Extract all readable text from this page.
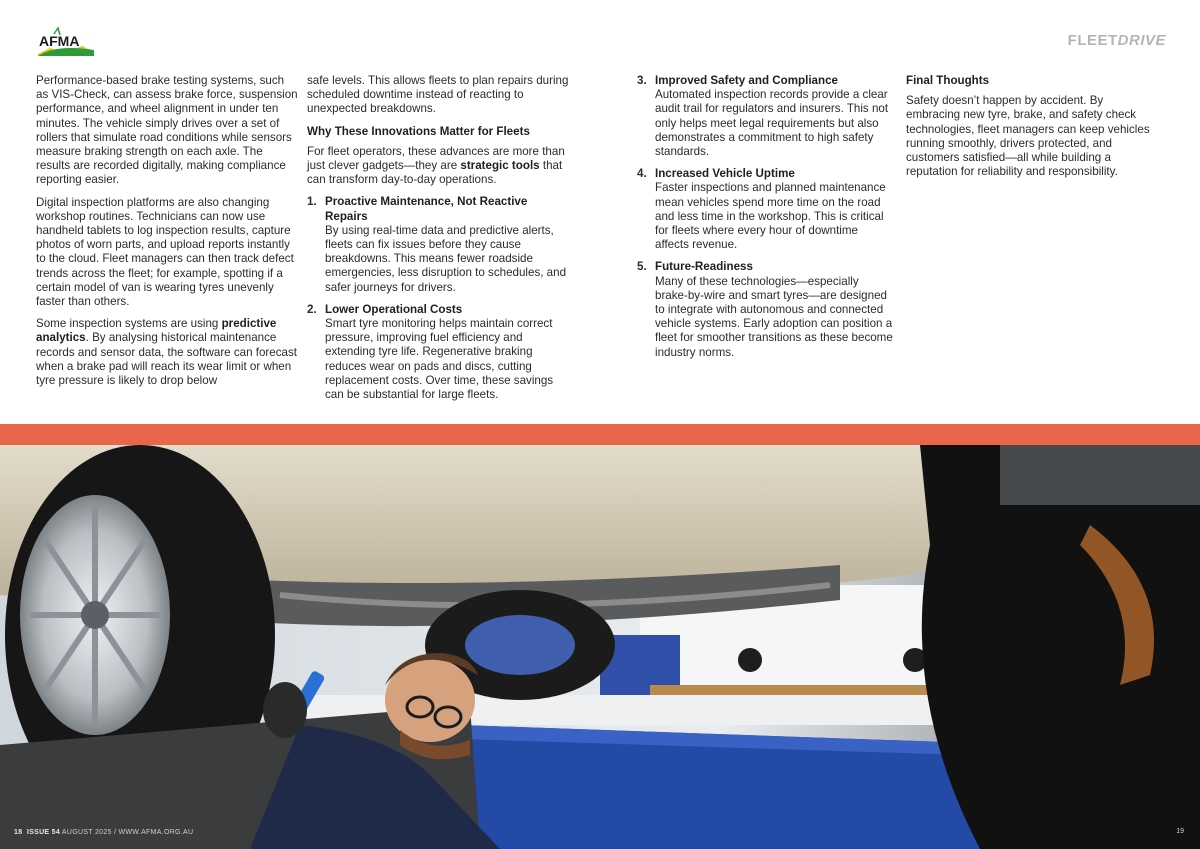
AFMA	FLEETDRIVE

Performance-based brake testing systems, such as VIS-Check, can assess brake force, suspension performance, and wheel alignment in under ten minutes. The vehicle simply drives over a set of rollers that simulate road conditions while sensors measure braking strength on each axle. The results are recorded digitally, making compliance reporting easier.

Digital inspection platforms are also changing workshop routines. Technicians can now use handheld tablets to log inspection results, capture photos of worn parts, and upload reports instantly to the cloud. Fleet managers can then track defect trends across the fleet; for example, spotting if a certain model of van is wearing tyres unevenly faster than others.

Some inspection systems are using predictive analytics. By analysing historical maintenance records and sensor data, the software can forecast when a brake pad will reach its wear limit or when tyre pressure is likely to drop below

safe levels. This allows fleets to plan repairs during scheduled downtime instead of reacting to unexpected breakdowns.

Why These Innovations Matter for Fleets

For fleet operators, these advances are more than just clever gadgets—they are strategic tools that can transform day-to-day operations.

1. Proactive Maintenance, Not Reactive Repairs
By using real-time data and predictive alerts, fleets can fix issues before they cause breakdowns. This means fewer roadside emergencies, less disruption to schedules, and safer journeys for drivers.
2. Lower Operational Costs
Smart tyre monitoring helps maintain correct pressure, improving fuel efficiency and extending tyre life. Regenerative braking reduces wear on pads and discs, cutting replacement costs. Over time, these savings can be substantial for large fleets.
3. Improved Safety and Compliance
Automated inspection records provide a clear audit trail for regulators and insurers. This not only helps meet legal requirements but also demonstrates a commitment to high safety standards.
4. Increased Vehicle Uptime
Faster inspections and planned maintenance mean vehicles spend more time on the road and less time in the workshop. This is critical for fleets where every hour of downtime affects revenue.
5. Future-Readiness
Many of these technologies—especially brake-by-wire and smart tyres—are designed to integrate with autonomous and connected vehicle systems. Early adoption can position a fleet for smoother transitions as these become industry norms.
Final Thoughts

Safety doesn’t happen by accident. By embracing new tyre, brake, and safety check technologies, fleet managers can keep vehicles running smoothly, drivers protected, and customers satisfied—all while building a reputation for reliability and responsibility.

18 ISSUE 54 AUGUST 2025 / WWW.AFMA.ORG.AU	19
